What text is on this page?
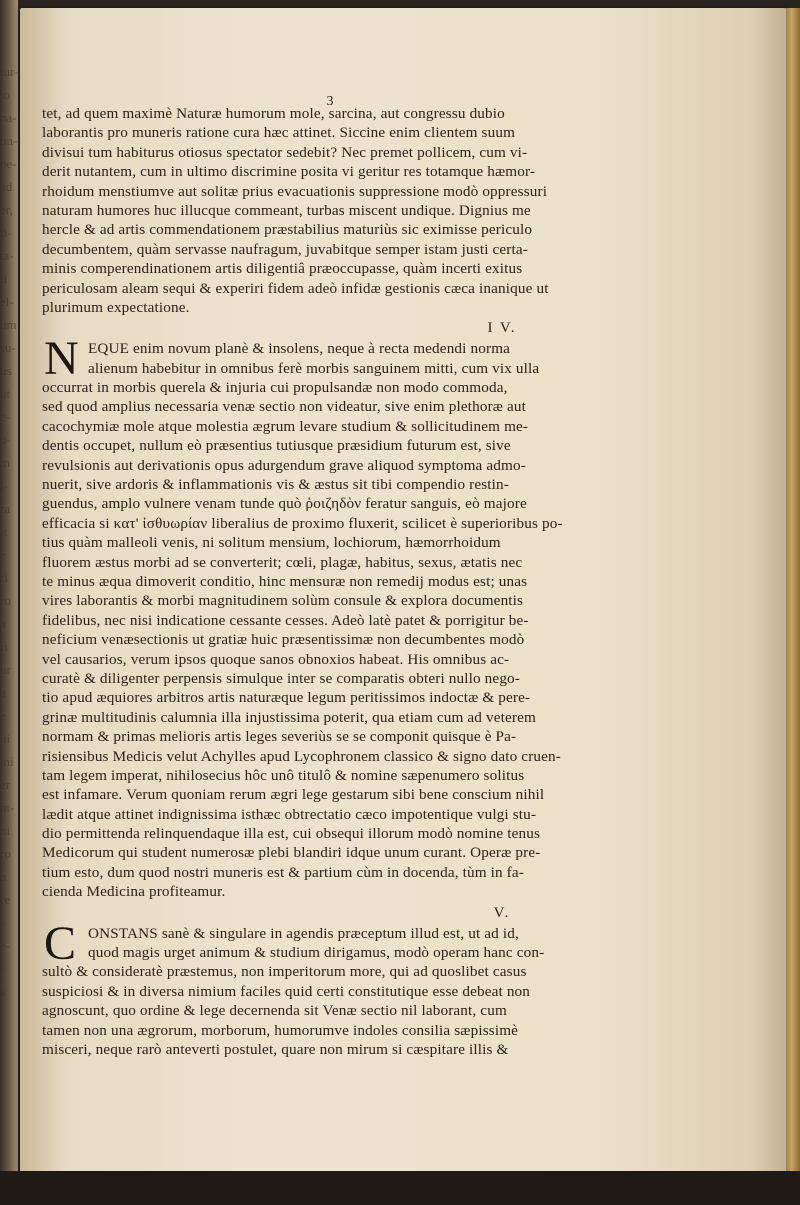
tur-
to
na-
on-
ne-
ad
er,
ti-
ta-
ti
el-
um
su-
us
ut
e-
u-
m
l-
ra
it
e
ri
ro
a
ri
ur
a
e
ui
mi
er
nt-
ni
ro
n
re
s
e-
-
s
3
tet, ad quem maximè Naturæ humorum mole, sarcina, aut congressu dubio
laborantis pro muneris ratione cura hæc attinet. Siccine enim clientem suum
divisui tum habiturus otiosus spectator sedebit? Nec premet pollicem, cum vi-
derit nutantem, cum in ultimo discrimine posita vi geritur res totamque hæmor-
rhoidum menstiumve aut solitæ prius evacuationis suppressione modò oppressuri
naturam humores huc illucque commeant, turbas miscent undique. Dignius me
hercle & ad artis commendationem præstabilius maturiùs sic eximisse periculo
decumbentem, quàm servasse naufragum, juvabitque semper istam justi certa-
minis comperendinationem artis diligentiâ præoccupasse, quàm incerti exitus
periculosam aleam sequi & experiri fidem adeò infidæ gestionis cæca inanique ut
plurimum expectatione.
I V.
N EQUE enim novum planè & insolens, neque à recta medendi norma
alienum habebitur in omnibus ferè morbis sanguinem mitti, cum vix ulla
occurrat in morbis querela & injuria cui propulsandæ non modo commoda,
sed quod amplius necessaria venæ sectio non videatur, sive enim plethoræ aut
cacochymiæ mole atque molestia ægrum levare studium & sollicitudinem me-
dentis occupet, nullum eò præsentius tutiusque præsidium futurum est, sive
revulsionis aut derivationis opus adurgendum grave aliquod symptoma admo-
nuerit, sive ardoris & inflammationis vis & æstus sit tibi compendio restin-
guendus, amplo vulnere venam tunde quò ῥοιζηδὸν feratur sanguis, eò majore
efficacia si κατ' ἰσθυωρίαν liberalius de proximo fluxerit, scilicet è superioribus po-
tius quàm malleoli venis, ni solitum mensium, lochiorum, hæmorrhoidum
fluorem æstus morbi ad se converterit; cœli, plagæ, habitus, sexus, ætatis nec
te minus æqua dimoverit conditio, hinc mensuræ non remedij modus est; unas
vires laborantis & morbi magnitudinem solùm consule & explora documentis
fidelibus, nec nisi indicatione cessante cesses. Adeò latè patet & porrigitur be-
neficium venæsectionis ut gratiæ huic præsentissimæ non decumbentes modò
vel causarios, verum ipsos quoque sanos obnoxios habeat. His omnibus ac-
curatè & diligenter perpensis simulque inter se comparatis obteri nullo nego-
tio apud æquiores arbitros artis naturæque legum peritissimos indoctæ & pere-
grinæ multitudinis calumnia illa injustissima poterit, qua etiam cum ad veterem
normam & primas melioris artis leges severiùs se se componit quisque è Pa-
risiensibus Medicis velut Achylles apud Lycophronem classico & signo dato cruen-
tam legem imperat, nihilosecius hôc unô titulô & nomine sæpenumero solitus
est infamare. Verum quoniam rerum ægri lege gestarum sibi bene conscium nihil
lædit atque attinet indignissima isthæc obtrectatio cæco impotentique vulgi stu-
dio permittenda relinquendaque illa est, cui obsequi illorum modò nomine tenus
Medicorum qui student numerosæ plebi blandiri idque unum curant. Operæ pre-
tium esto, dum quod nostri muneris est & partium cùm in docenda, tùm in fa-
cienda Medicina profiteamur.
V.
C ONSTANS sanè & singulare in agendis præceptum illud est, ut ad id,
quod magis urget animum & studium dirigamus, modò operam hanc con-
sultò & consideratè præstemus, non imperitorum more, qui ad quoslibet casus
suspiciosi & in diversa nimium faciles quid certi constitutique esse debeat non
agnoscunt, quo ordine & lege decernenda sit Venæ sectio nil laborant, cum
tamen non una ægrorum, morborum, humorumve indoles consilia sæpissimè
misceri, neque rarò anteverti postulet, quare non mirum si cæspitare illis &
